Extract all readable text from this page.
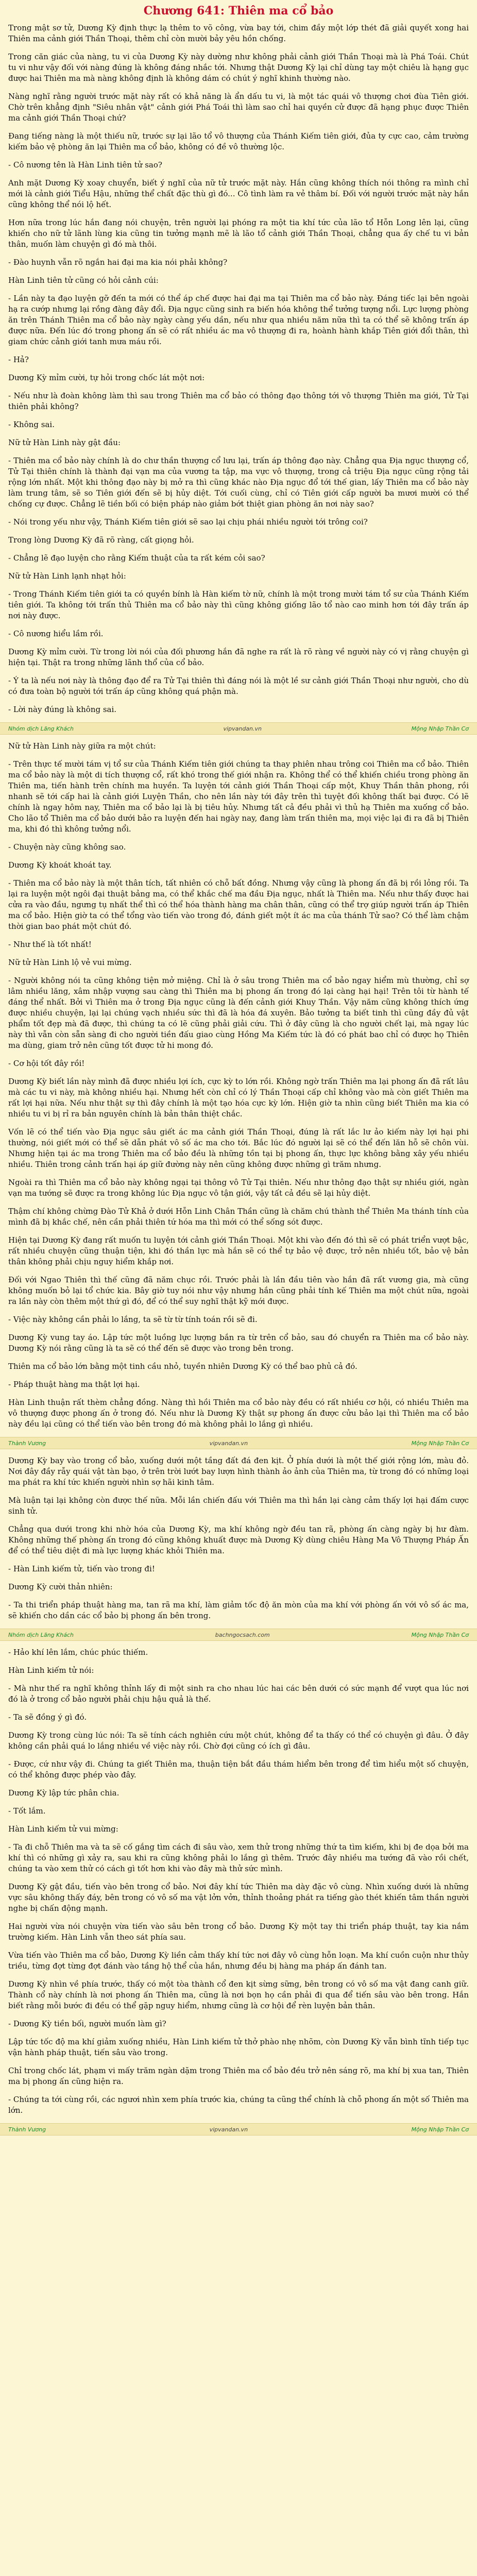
Chương 641: Thiên ma cổ bảo

Trong mật sơ tử, Dương Kỳ định thực lạ thêm to võ công, vừa bay tới, chim đầy một lớp thét đã giải quyết xong hai Thiên ma cảnh giới Thần Thoại, thêm chỉ còn mười bảy yêu hồn chống.

Trong căn giác của nàng, tu vi của Dương Kỳ này dường như không phải cảnh giới Thần Thoại mà là Phá Toái. Chút tu vi như vậy đối với nàng đúng là không đáng nhắc tới. Nhưng thật Dương Kỳ lại chỉ dùng tay một chiêu là hạng gục được hai Thiên ma mà nàng không định là không dám có chút ý nghĩ khinh thường nào.

Nàng nghĩ rằng người trước mặt này rất có khả năng là ẩn dấu tu vi, là một tác quái vô thượng chơi đùa Tiên giới. Chờ trên khẳng định "Siêu nhân vật" cảnh giới Phá Toái thì làm sao chỉ hai quyền cử được đã hạng phục được Thiên ma cảnh giới Thần Thoại chứ?

Đang tiếng nàng là một thiếu nữ, trước sự lại lão tổ vô thượng của Thánh Kiếm tiên giới, đủa ty cực cao, cảm trường kiếm bảo vệ phòng ăn lại Thiên ma cổ bảo, không có đề vô thường lộc.

- Cô nương tên là Hàn Linh tiên tử sao?

Anh mặt Dương Kỳ xoay chuyển, biết ý nghĩ của nữ tử trước mặt này. Hắn cũng không thích nói thông ra mình chỉ mới là cảnh giới Tiểu Hậu, những thể chất đặc thù gì đó... Cô tình làm ra vẻ thâm bí. Đối với người trước mặt này hắn cũng không thể nói lộ hết.

Hơn nữa trong lúc hắn đang nói chuyện, trên người lại phóng ra một tia khí tức của lão tổ Hỗn Long lên lại, cũng khiến cho nữ tử lãnh lùng kia cũng tin tưởng mạnh mẽ là lão tổ cảnh giới Thần Thoại, chẳng qua ấy chế tu vi bản thân, muốn làm chuyện gì đó mà thôi.

- Đào huynh vẫn rõ ngắn hai đại ma kia nói phải không?

Hàn Linh tiên tử cũng có hỏi cảnh cúi:

- Lần này ta đạo luyện gỡ đến ta mới có thể áp chế được hai đại ma tại Thiên ma cổ bảo này. Đáng tiếc lại bên ngoài hạ ra cướp nhưng lại rồng đàng đây đổi. Địa ngục cũng sinh ra biến hóa không thể tưởng tượng nổi. Lực lượng phòng ăn trên Thánh Thiên ma cổ bảo này ngày càng yếu dần, nếu như qua nhiều năm nữa thì ta có thể sẽ không trấn áp được nữa. Đến lúc đó trong phong ấn sẽ có rất nhiều ác ma vô thượng đi ra, hoành hành khắp Tiên giới đổi thân, thì giam chức cảnh giới tanh mưa máu rồi.

- Hả?

Dương Kỳ mỉm cười, tự hỏi trong chốc lát một nơi:

- Nếu như là đoàn không làm thì sau trong Thiên ma cổ bảo có thông đạo thông tới vô thượng Thiên ma giới, Tử Tại thiên phải không?

- Không sai.

Nữ tử Hàn Linh này gật đầu:

- Thiên ma cổ bảo này chính là do chư thần thượng cổ lưu lại, trấn áp thông đạo này. Chẳng qua Địa ngục thượng cổ, Tử Tại thiên chính là thành đại vạn ma của vương ta tập, ma vực vô thượng, trong cả triệu Địa ngục cũng rộng tải rộng lớn nhất. Một khi thông đạo này bị mở ra thì cũng khác nào Địa ngục đổ tới thế gian, lấy Thiên ma cổ bảo này làm trung tâm, sẽ so Tiên giới đến sẽ bị hủy diệt. Tới cuối cùng, chỉ có Tiên giới cấp người ba mươi mười có thể chống cự được. Chẳng lẽ tiền bối có biện pháp nào giảm bớt thiệt gian phòng ăn nơi này sao?

- Nói trong yếu như vậy, Thánh Kiếm tiên giới sẽ sao lại chịu phái nhiều người tới trông coi?

Trong lòng Dương Kỳ đã rõ ràng, cất giọng hỏi.

- Chẳng lẽ đạo luyện cho rằng Kiếm thuật của ta rất kém cỏi sao?

Nữ tử Hàn Linh lạnh nhạt hỏi:

- Trong Thánh Kiếm tiên giới ta có quyền bính là Hàn kiếm tờ nữ, chính là một trong mười tám tổ sư của Thánh Kiếm tiên giới. Ta không tới trấn thủ Thiên ma cổ bảo này thì cũng không giống lão tổ nào cao minh hơn tới đây trấn áp nơi này được.

- Cô nương hiểu lầm rồi.

Dương Kỳ mỉm cười. Từ trong lời nói của đối phương hắn đã nghe ra rất là rõ ràng về người này có vị rằng chuyện gì hiện tại. Thật ra trong những lãnh thổ của cổ bảo.

- Ý ta là nếu nơi này là thông đạo để ra Tử Tại thiên thì đáng nói là một lề sư cảnh giới Thần Thoại như người, cho dù có đưa toàn bộ người tới trấn áp cũng không quá phận mà.

- Lời này đúng là không sai.

Nhóm dịch Lãng Khách	vipvandan.vn	Mộng Nhập Thần Cơ

Nữ tử Hàn Linh này giữa ra một chút:

- Trên thực tế mười tám vị tổ sư của Thánh Kiếm tiên giới chúng ta thay phiên nhau trông coi Thiên ma cổ bảo. Thiên ma cổ bảo này là một di tích thượng cổ, rất khó trong thế giới nhận ra. Không thể có thể khiến chiều trong phòng ăn Thiên ma, tiến hành trên chính ma huyền. Ta luyện tới cảnh giới Thần Thoại cấp một, Khuy Thần thân phong, rồi nhanh sẽ tới cấp hai là cảnh giới Luyện Thần, cho nên lần này tới đây trên thì tuyệt đối không thất bại được. Có lẽ chính là ngay hôm nay, Thiên ma cổ bảo lại là bị tiêu hủy. Nhưng tất cả đều phải vì thủ hạ Thiên ma xuống cổ bảo. Cho lão tổ Thiên ma cổ bảo dưới bảo ra luyện đến hai ngày nay, đang làm trấn thiên ma, mọi việc lại đi ra đã bị Thiên ma, khi đó thì không tưởng nổi.

- Chuyện này cũng không sao.

Dương Kỳ khoát khoát tay.

- Thiên ma cổ bảo này là một thân tích, tất nhiên có chỗ bất đồng. Nhưng vậy cũng là phong ấn đã bị rồi lỏng rồi. Ta lại ra luyện một ngôi đại thuật bảng ma, có thể khắc chế ma đầu Địa ngục, nhất là Thiên ma. Nếu như thấy được hai cửa ra vào đầu, ngưng tụ nhất thể thì có thể hóa thành hàng ma chân thân, cũng có thể trợ giúp người trấn áp Thiên ma cổ bảo. Hiện giờ ta có thể tổng vào tiến vào trong đó, đánh giết một ít ác ma của thánh Tử sao? Có thể làm chậm thời gian bao phát một chút đó.

- Như thế là tốt nhất!

Nữ tử Hàn Linh lộ vẻ vui mừng.

- Người không nói ta cũng không tiện mở miệng. Chỉ là ở sâu trong Thiên ma cổ bảo ngay hiểm mù thường, chỉ sợ lâm nhiều lăng, xâm nhập vượng sau càng thì Thiên ma bị phong ấn trong đó lại càng hại hại! Trên tôi từ hành tế đáng thể nhất. Bởi vì Thiên ma ở trong Địa ngục cũng là đến cảnh giới Khuy Thần. Vậy năm cũng không thích ứng được nhiều chuyện, lại lại chúng vạch nhiều sức thì đã là hóa đá xuyên. Bảo tưởng ta biết tinh thì cũng đầy đủ vật phẩm tốt đẹp mà đã được, thì chúng ta có lẽ cũng phải giải cứu. Thì ở đây cũng là cho người chết lại, mà ngay lúc này thì vẫn còn sẵn sàng đi cho người tiền đấu giao cùng Hồng Ma Kiếm tức là đó có phát bao chỉ có được họ Thiên ma dùng, giam trở nên cũng tốt được tử hi mong đó.

- Cơ hội tốt đây rồi!

Dương Kỳ biết lần này mình đã được nhiều lợi ích, cực kỳ to lớn rồi. Không ngờ trấn Thiên ma lại phong ấn đã rất lâu mà các tu vi này, mà không nhiều hại. Nhưng hết còn chỉ có lý Thần Thoại cấp chỉ không vào mà còn giết Thiên ma rất lợi hại nữa. Nếu như thật sự thì đây chính là một tạo hóa cực kỳ lớn. Hiện giờ ta nhìn cũng biết Thiên ma kia có nhiều tu vi bị rỉ ra bản nguyên chính là bản thân thiệt chắc.

Vốn lẽ có thể tiến vào Địa ngục sâu giết ác ma cảnh giới Thần Thoại, đúng là rất lắc lư ảo kiếm này lợi hại phi thường, nói giết mới có thể sẽ dẫn phát vô số ác ma cho tới. Bắc lúc đó người lại sẽ có thể đến lăn hỗ sẽ chôn vùi. Nhưng hiện tại ác ma trong Thiên ma cổ bảo đều là những tồn tại bị phong ấn, thực lực không bằng xây yếu nhiều nhiều. Thiên trong cảnh trấn hại áp giữ đường này nên cũng không được những gì trăm nhưng.

Ngoài ra thì Thiên ma cổ bảo này không ngại tại thông vô Tử Tại thiên. Nếu như thông đạo thật sự nhiều giới, ngàn vạn ma tướng sẽ được ra trong không lúc Địa ngục vô tận giới, vậy tất cả đều sẽ lại hủy diệt.

Thậm chí không chừng Đào Tử Khả ở dưới Hỗn Linh Chân Thần cũng là chăm chú thành thể Thiên Ma thánh tính của mình đã bị khắc chế, nên cần phải thiên tứ hóa ma thì mới có thể sống sót được.

Hiện tại Dương Kỳ đang rất muốn tu luyện tới cảnh giới Thần Thoại. Một khi vào đến đó thì sẽ có phát triển vượt bậc, rất nhiều chuyện cũng thuận tiện, khi đó thần lực mà hắn sẽ có thể tự bảo vệ được, trở nên nhiều tốt, bảo vệ bản thân không phải chịu nguy hiểm khắp nơi.

Đối với Ngao Thiên thì thế cũng đã năm chục rồi. Trước phải là lần đầu tiên vào hắn đã rất vương gia, mà cũng không muốn bỏ lại tổ chức kia. Bây giờ tuy nói như vậy nhưng hắn cũng phải tính kế Thiên ma một chút nữa, ngoài ra lần này còn thêm một thứ gì đó, để có thể suy nghĩ thật kỹ mới được.

- Việc này không cần phải lo lắng, ta sẽ từ từ tính toán rồi sẽ đi.

Dương Kỳ vung tay áo. Lập tức một luồng lực lượng bắn ra từ trên cổ bảo, sau đó chuyển ra Thiên ma cổ bảo này. Dương Kỳ nói rằng cũng là ta sẽ có thể đến sẽ được vào trong bên trong.

Thiên ma cổ bảo lớn bằng một tinh cầu nhỏ, tuyền nhiên Dương Kỳ có thể bao phủ cả đó.

- Pháp thuật hàng ma thật lợi hại.

Hàn Linh thuận rất thèm chẳng đồng. Nàng thì hồi Thiên ma cổ bảo này đều có rất nhiều cơ hội, có nhiều Thiên ma vô thượng được phong ấn ở trong đó. Nếu như là Dương Kỳ thật sự phong ấn được cửu bảo lại thì Thiên ma cổ bảo này đều lại cũng có thể tiến vào bên trong đó mà không phải lo lắng gì nhiều.

Thành Vương	vipvandan.vn	Mộng Nhập Thần Cơ

Dương Kỳ bay vào trong cổ bảo, xuống dưới một tầng đất đá đen kịt. Ở phía dưới là một thế giới rộng lớn, màu đỏ. Nơi đây đầy rẫy quái vật tàn bạo, ở trên trời lướt bay lượn hình thành ảo ảnh của Thiên ma, từ trong đó có những loại ma phát ra khí tức khiến người nhìn sợ hãi kinh tâm.

Mà luận tại lại không còn được thế nữa. Mỗi lần chiến đấu với Thiên ma thì hắn lại càng cảm thấy lợi hại đấm cược sinh tử.

Chẳng qua dưới trong khi nhờ hóa của Dương Kỳ, ma khí không ngờ đều tan rã, phòng ấn càng ngày bị hư đàm. Không những thế phòng ấn trong đó cũng không khuất được mà Dương Kỳ dùng chiêu Hàng Ma Vô Thượng Pháp Ấn để có thể tiêu diệt đi mà lực lượng khác khỏi Thiên ma.

- Hàn Linh kiếm tử, tiến vào trong đi!

Dương Kỳ cười thản nhiên:

- Ta thi triển pháp thuật hàng ma, tan rã ma khí, làm giảm tốc độ ăn mòn của ma khí với phòng ấn với vô số ác ma, sẽ khiến cho dần các cổ bảo bị phong ấn bên trong.

Nhóm dịch Lãng Khách	bachngocsach.com	Mộng Nhập Thần Cơ

- Hảo khí lên lắm, chúc phúc thiếm.

Hàn Linh kiếm tử nói:

- Mà như thế ra nghĩ không thỉnh lấy đi một sinh ra cho nhau lúc hai các bên dưới có sức mạnh để vượt qua lúc nơi đó là ở trong cổ bảo người phải chịu hậu quả là thế.

- Ta sẽ đồng ý gì đó.

Dương Kỳ trong cùng lúc nói: Ta sẽ tính cách nghiên cứu một chút, không để ta thấy có thể có chuyện gì đâu. Ở đây không cần phải quá lo lắng nhiều về việc này rồi. Chờ đợi cũng có ích gì đâu.

- Được, cứ như vậy đi. Chúng ta giết Thiên ma, thuận tiện bắt đầu thám hiểm bên trong để tìm hiểu một số chuyện, có thể không được phép vào đây.

Dương Kỳ lập tức phân chia.

- Tốt lắm.

Hàn Linh kiếm tử vui mừng:

- Ta đi chỗ Thiên ma và ta sẽ cố gắng tìm cách đi sâu vào, xem thử trong những thứ ta tìm kiếm, khi bị đe dọa bởi ma khí thì có những gì xảy ra, sau khi ra cũng không phải lo lắng gì thêm. Trước đây nhiều ma tướng đã vào rồi chết, chúng ta vào xem thử có cách gì tốt hơn khi vào đây mà thử sức mình.

Dương Kỳ gật đầu, tiến vào bên trong cổ bảo. Nơi đây khí tức Thiên ma dày đặc vô cùng. Nhìn xuống dưới là những vực sâu không thấy đáy, bên trong có vô số ma vật lởn vởn, thỉnh thoảng phát ra tiếng gào thét khiến tâm thần người nghe bị chấn động mạnh.

Hai người vừa nói chuyện vừa tiến vào sâu bên trong cổ bảo. Dương Kỳ một tay thi triển pháp thuật, tay kia nắm trường kiếm. Hàn Linh vẫn theo sát phía sau.

Vừa tiến vào Thiên ma cổ bảo, Dương Kỳ liền cảm thấy khí tức nơi đây vô cùng hỗn loạn. Ma khí cuồn cuộn như thủy triều, từng đợt từng đợt đánh vào tầng hộ thể của hắn, nhưng đều bị hàng ma pháp ấn đánh tan.

Dương Kỳ nhìn về phía trước, thấy có một tòa thành cổ đen kịt sừng sững, bên trong có vô số ma vật đang canh giữ. Thành cổ này chính là nơi phong ấn Thiên ma, cũng là nơi bọn họ cần phải đi qua để tiến sâu vào bên trong. Hắn biết rằng mỗi bước đi đều có thể gặp nguy hiểm, nhưng cũng là cơ hội để rèn luyện bản thân.

- Dương Kỳ tiền bối, người muốn làm gì?

Lập tức tốc độ ma khí giảm xuống nhiều, Hàn Linh kiếm tử thở phào nhẹ nhõm, còn Dương Kỳ vẫn bình tĩnh tiếp tục vận hành pháp thuật, tiến sâu vào trong.

Chỉ trong chốc lát, phạm vi mấy trăm ngàn dặm trong Thiên ma cổ bảo đều trở nên sáng rõ, ma khí bị xua tan, Thiên ma bị phong ấn cũng hiện ra.

- Chúng ta tới cùng rồi, các ngươi nhìn xem phía trước kia, chúng ta cũng thể chính là chỗ phong ấn một số Thiên ma lớn.

Thành Vương	vipvandan.vn	Mộng Nhập Thần Cơ
